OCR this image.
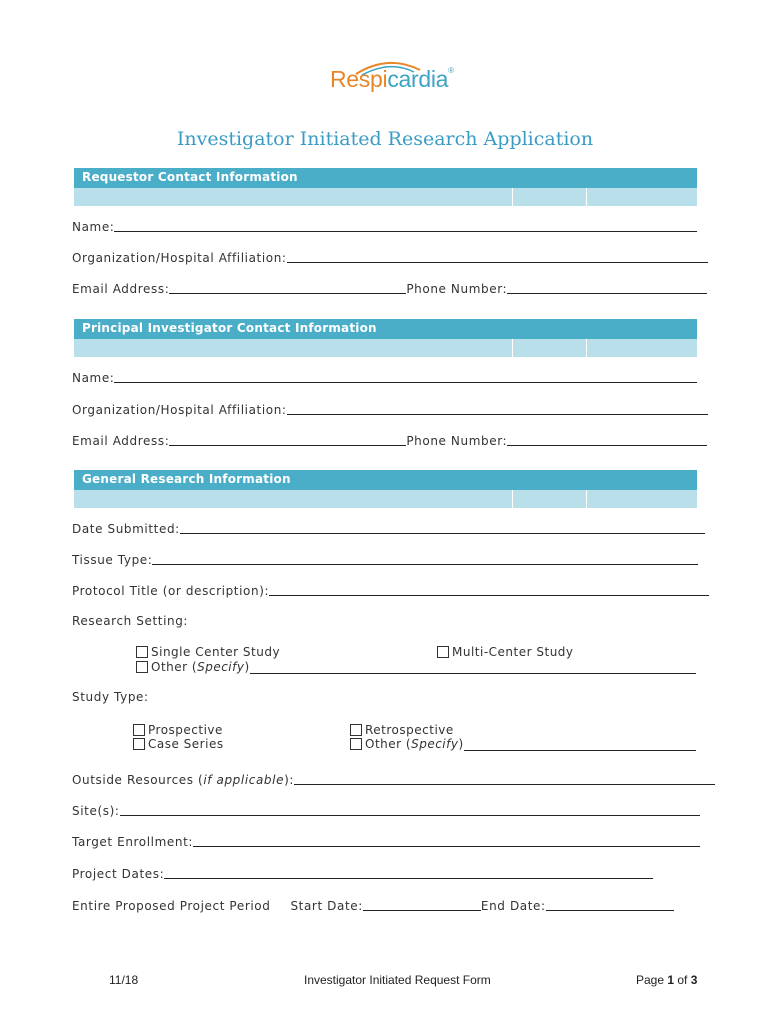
Respicardia®
Investigator Initiated Research Application
Requestor Contact Information
Name:
Organization/Hospital Affiliation:
Email Address:	Phone Number:
Principal Investigator Contact Information
Name:
Organization/Hospital Affiliation:
Email Address:	Phone Number:
General Research Information
Date Submitted:
Tissue Type:
Protocol Title (or description):
Research Setting:
Single Center Study	Multi-Center Study
Other ( Specify )
Study Type:
Prospective	Retrospective
Case Series	Other ( Specify )
Outside Resources ( if applicable ):
Site(s):
Target Enrollment:
Project Dates:
Entire Proposed Project Period Start Date:	End Date:
11/18	Investigator Initiated Request Form	Page 1 of 3
